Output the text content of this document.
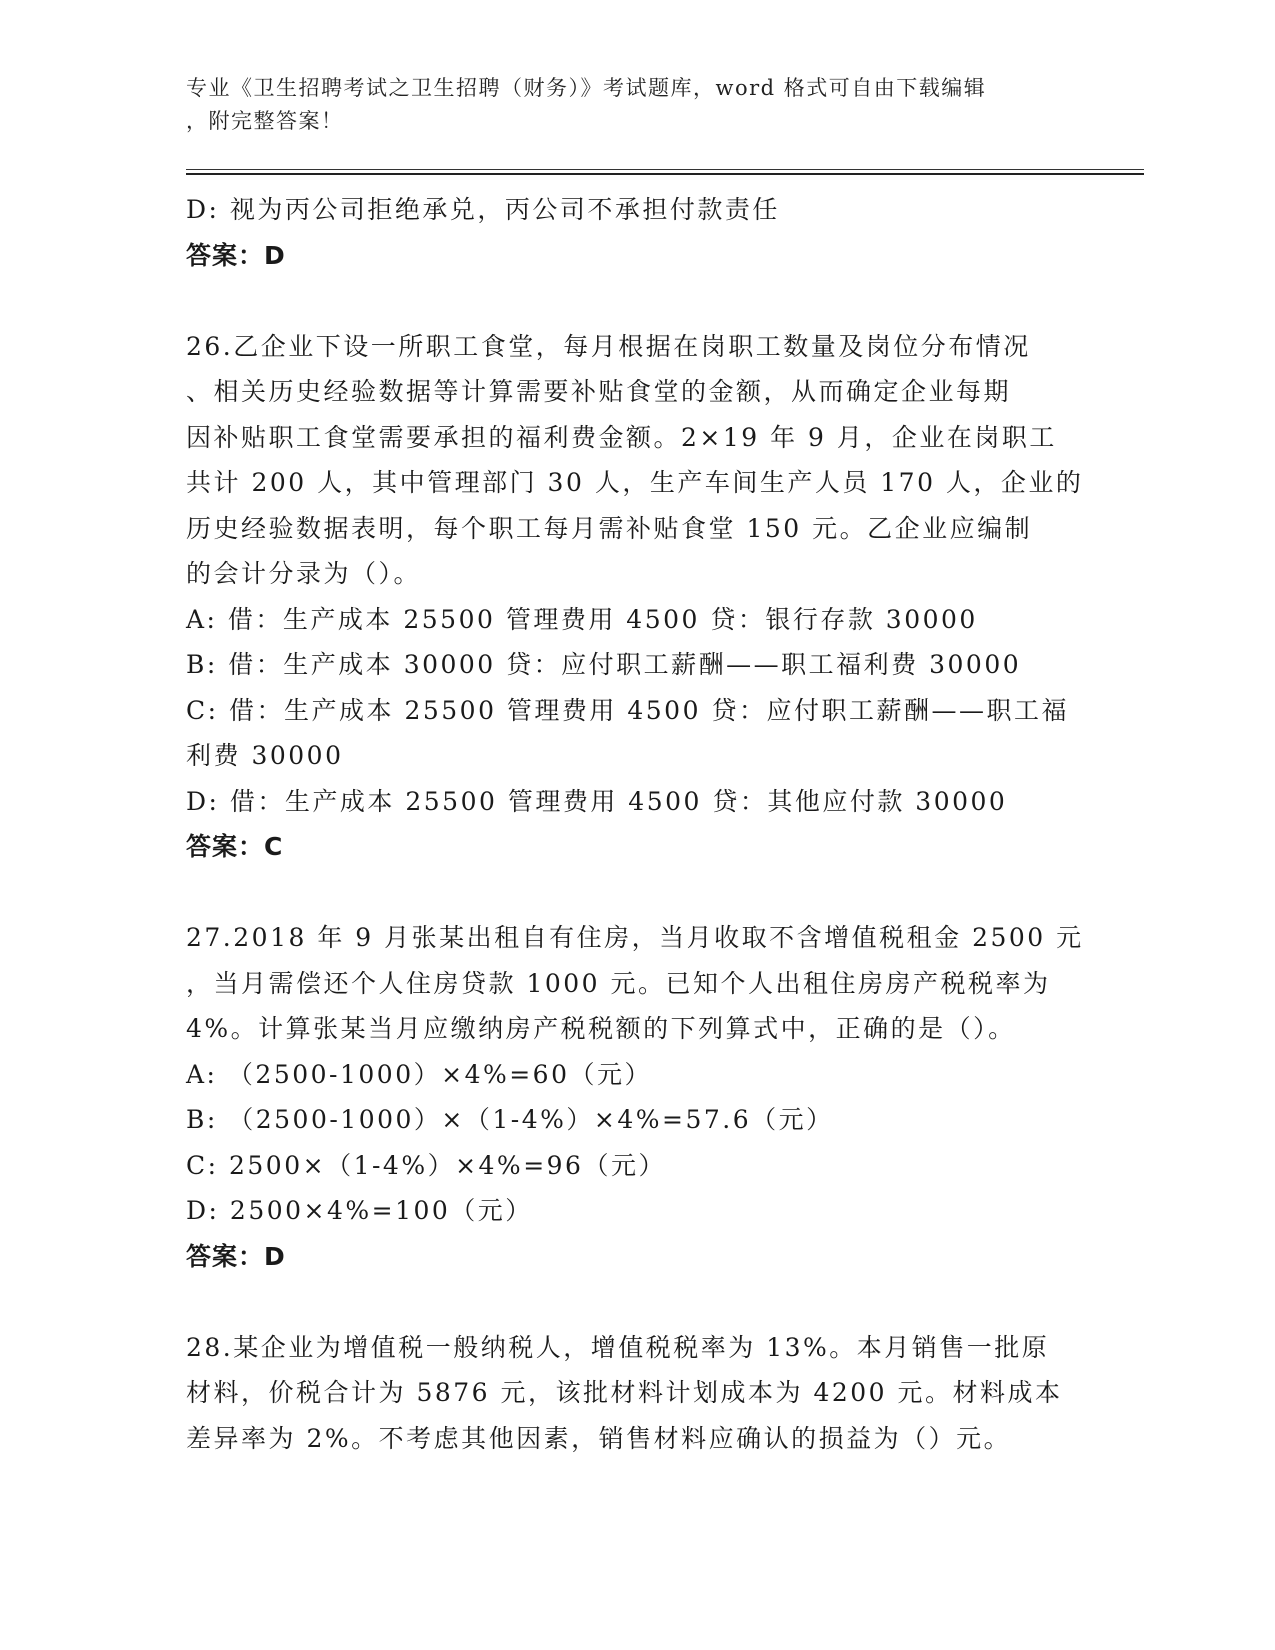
专业《卫生招聘考试之卫生招聘（财务）》考试题库，word 格式可自由下载编辑
，附完整答案！

D: 视为丙公司拒绝承兑，丙公司不承担付款责任

答案：D

26.乙企业下设一所职工食堂，每月根据在岗职工数量及岗位分布情况

、相关历史经验数据等计算需要补贴食堂的金额，从而确定企业每期

因补贴职工食堂需要承担的福利费金额。2×19 年 9 月，企业在岗职工

共计 200 人，其中管理部门 30 人，生产车间生产人员 170 人，企业的

历史经验数据表明，每个职工每月需补贴食堂 150 元。乙企业应编制

的会计分录为（）。

A: 借：生产成本 25500 管理费用 4500 贷：银行存款 30000

B: 借：生产成本 30000 贷：应付职工薪酬——职工福利费 30000

C: 借：生产成本 25500 管理费用 4500 贷：应付职工薪酬——职工福

利费 30000

D: 借：生产成本 25500 管理费用 4500 贷：其他应付款 30000

答案：C

27.2018 年 9 月张某出租自有住房，当月收取不含增值税租金 2500 元

，当月需偿还个人住房贷款 1000 元。已知个人出租住房房产税税率为

4%。计算张某当月应缴纳房产税税额的下列算式中，正确的是（）。

A: （2500-1000）×4%=60（元）

B: （2500-1000）×（1-4%）×4%=57.6（元）

C: 2500×（1-4%）×4%=96（元）

D: 2500×4%=100（元）

答案：D

28.某企业为增值税一般纳税人，增值税税率为 13%。本月销售一批原

材料，价税合计为 5876 元，该批材料计划成本为 4200 元。材料成本

差异率为 2%。不考虑其他因素，销售材料应确认的损益为（）元。
